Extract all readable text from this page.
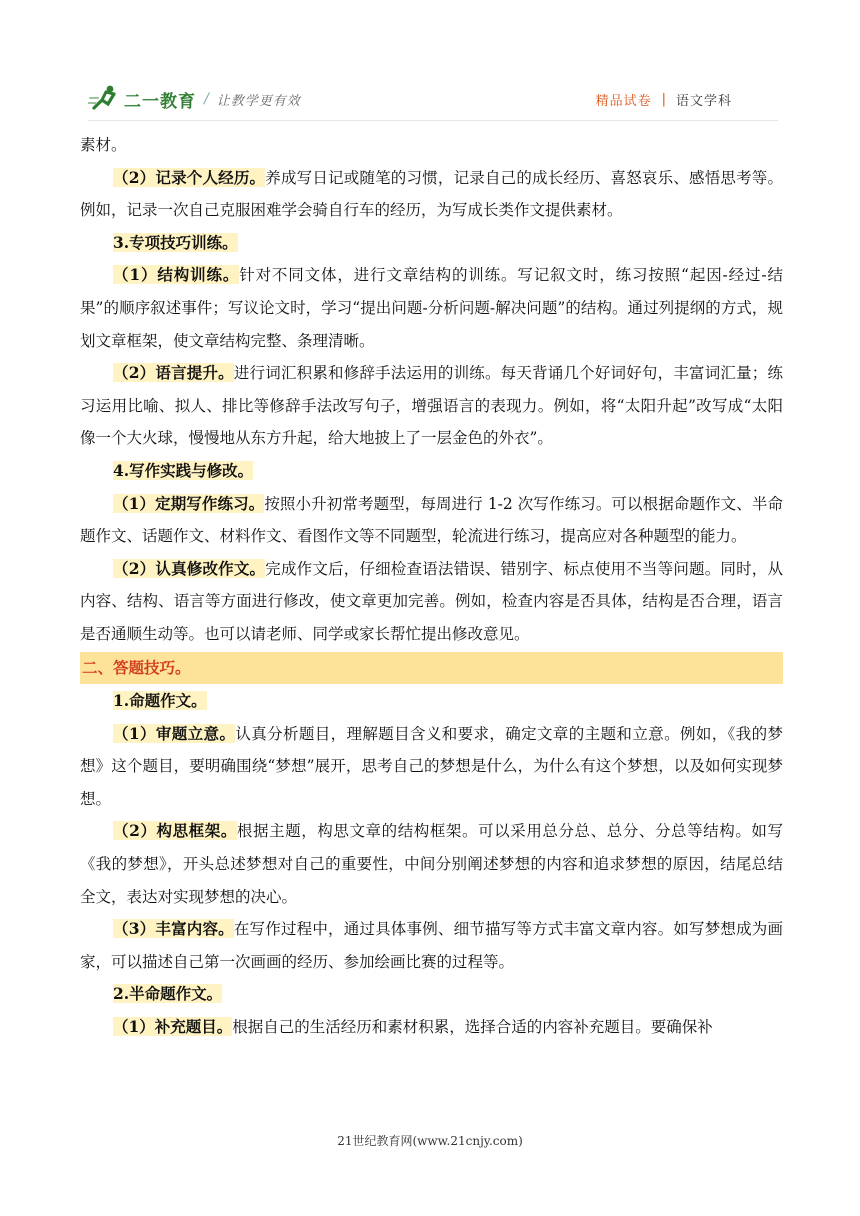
二一教育 / 让教学更有效	精品试卷 | 语文学科

素材。

（2）记录个人经历。养成写日记或随笔的习惯，记录自己的成长经历、喜怒哀乐、感悟思考等。例如，记录一次自己克服困难学会骑自行车的经历，为写成长类作文提供素材。

3.专项技巧训练。

（1）结构训练。针对不同文体，进行文章结构的训练。写记叙文时，练习按照“起因-经过-结果”的顺序叙述事件；写议论文时，学习“提出问题-分析问题-解决问题”的结构。通过列提纲的方式，规划文章框架，使文章结构完整、条理清晰。

（2）语言提升。进行词汇积累和修辞手法运用的训练。每天背诵几个好词好句，丰富词汇量；练习运用比喻、拟人、排比等修辞手法改写句子，增强语言的表现力。例如，将“太阳升起”改写成“太阳像一个大火球，慢慢地从东方升起，给大地披上了一层金色的外衣”。

4.写作实践与修改。

（1）定期写作练习。按照小升初常考题型，每周进行 1-2 次写作练习。可以根据命题作文、半命题作文、话题作文、材料作文、看图作文等不同题型，轮流进行练习，提高应对各种题型的能力。

（2）认真修改作文。完成作文后，仔细检查语法错误、错别字、标点使用不当等问题。同时，从内容、结构、语言等方面进行修改，使文章更加完善。例如，检查内容是否具体，结构是否合理，语言是否通顺生动等。也可以请老师、同学或家长帮忙提出修改意见。

二、答题技巧。

1.命题作文。

（1）审题立意。认真分析题目，理解题目含义和要求，确定文章的主题和立意。例如，《我的梦想》这个题目，要明确围绕“梦想”展开，思考自己的梦想是什么，为什么有这个梦想，以及如何实现梦想。

（2）构思框架。根据主题，构思文章的结构框架。可以采用总分总、总分、分总等结构。如写《我的梦想》，开头总述梦想对自己的重要性，中间分别阐述梦想的内容和追求梦想的原因，结尾总结全文，表达对实现梦想的决心。

（3）丰富内容。在写作过程中，通过具体事例、细节描写等方式丰富文章内容。如写梦想成为画家，可以描述自己第一次画画的经历、参加绘画比赛的过程等。

2.半命题作文。

（1）补充题目。根据自己的生活经历和素材积累，选择合适的内容补充题目。要确保补

21世纪教育网(www.21cnjy.com)
